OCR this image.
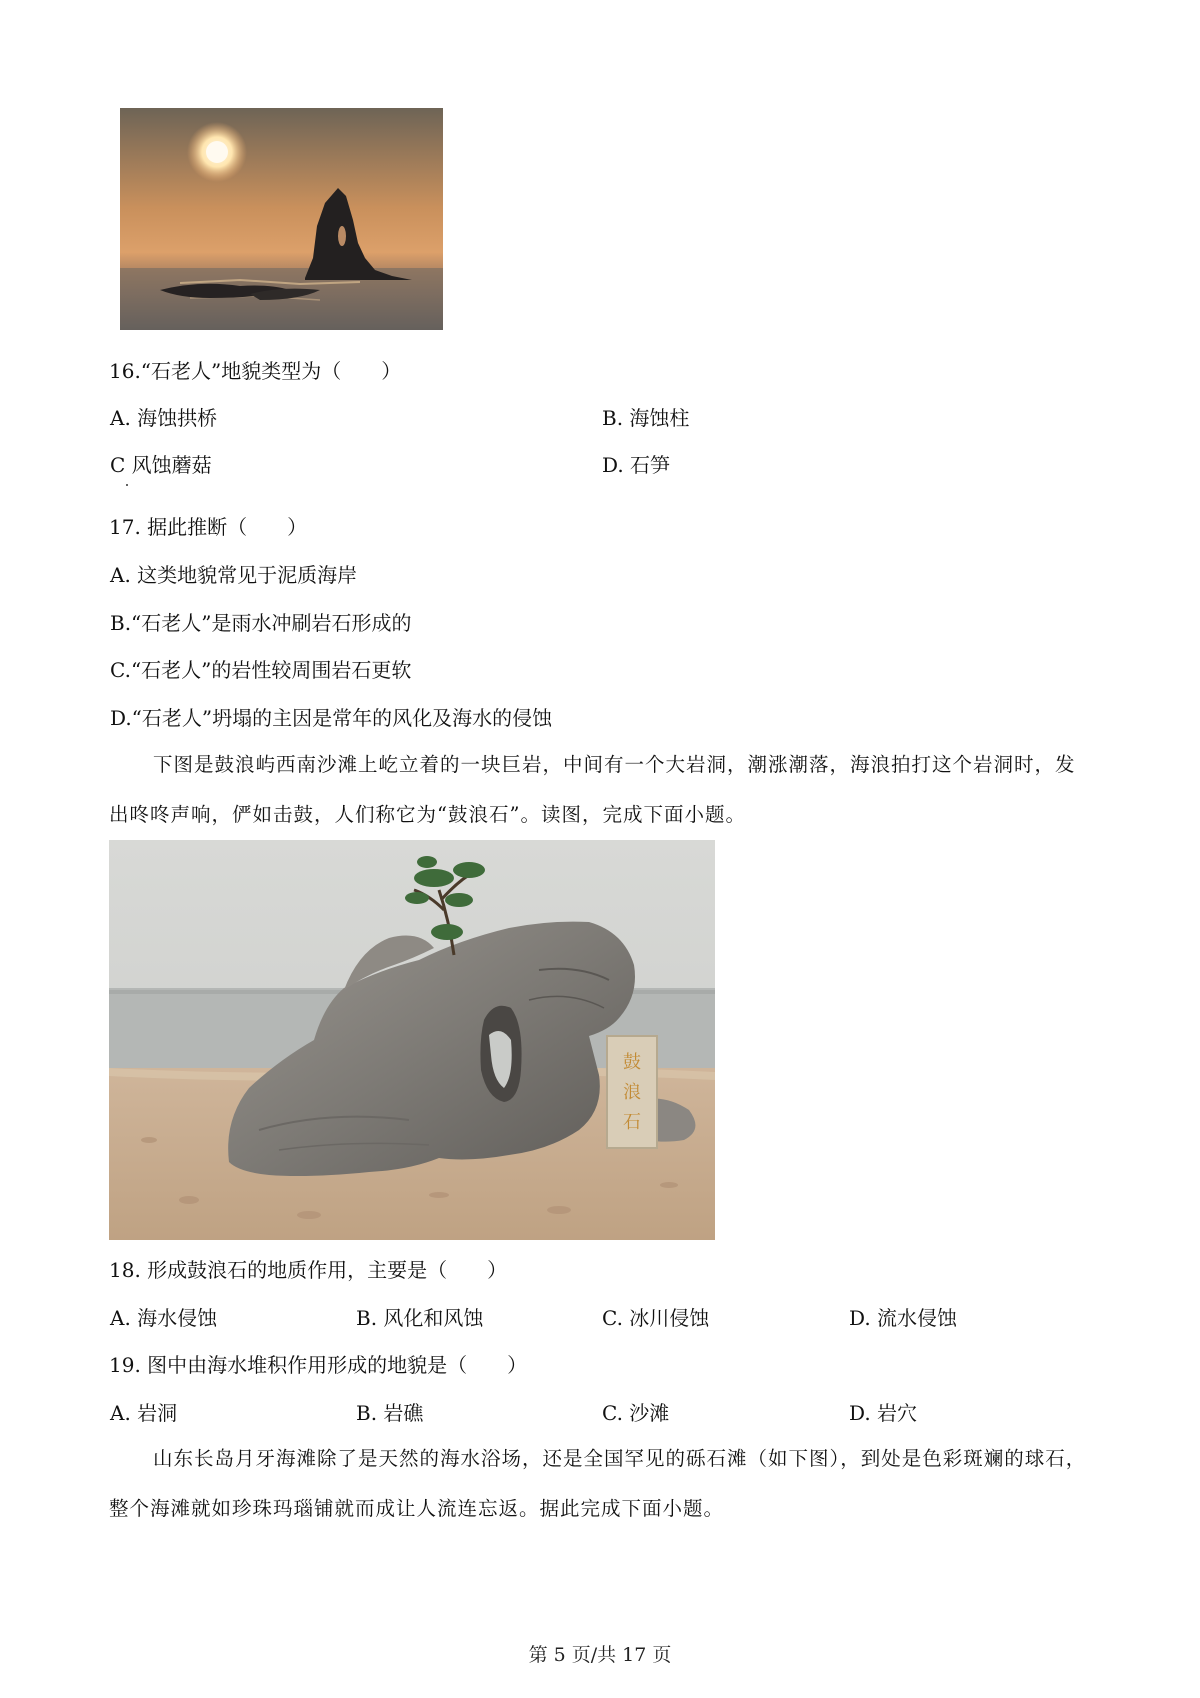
16.“石老人”地貌类型为（　　）
A. 海蚀拱桥	B. 海蚀柱
C 风蚀蘑菇	D. 石笋
17. 据此推断（　　）
A. 这类地貌常见于泥质海岸
B.“石老人”是雨水冲刷岩石形成的
C.“石老人”的岩性较周围岩石更软
D.“石老人”坍塌的主因是常年的风化及海水的侵蚀
下图是鼓浪屿西南沙滩上屹立着的一块巨岩，中间有一个大岩洞，潮涨潮落，海浪拍打这个岩洞时，发出咚咚声响，俨如击鼓，人们称它为“鼓浪石”。读图，完成下面小题。
鼓
浪
石
18. 形成鼓浪石的地质作用，主要是（　　）
A. 海水侵蚀	B. 风化和风蚀	C. 冰川侵蚀	D. 流水侵蚀
19. 图中由海水堆积作用形成的地貌是（　　）
A. 岩洞	B. 岩礁	C. 沙滩	D. 岩穴
山东长岛月牙海滩除了是天然的海水浴场，还是全国罕见的砾石滩（如下图），到处是色彩斑斓的球石，整个海滩就如珍珠玛瑙铺就而成让人流连忘返。据此完成下面小题。
第 5 页/共 17 页
